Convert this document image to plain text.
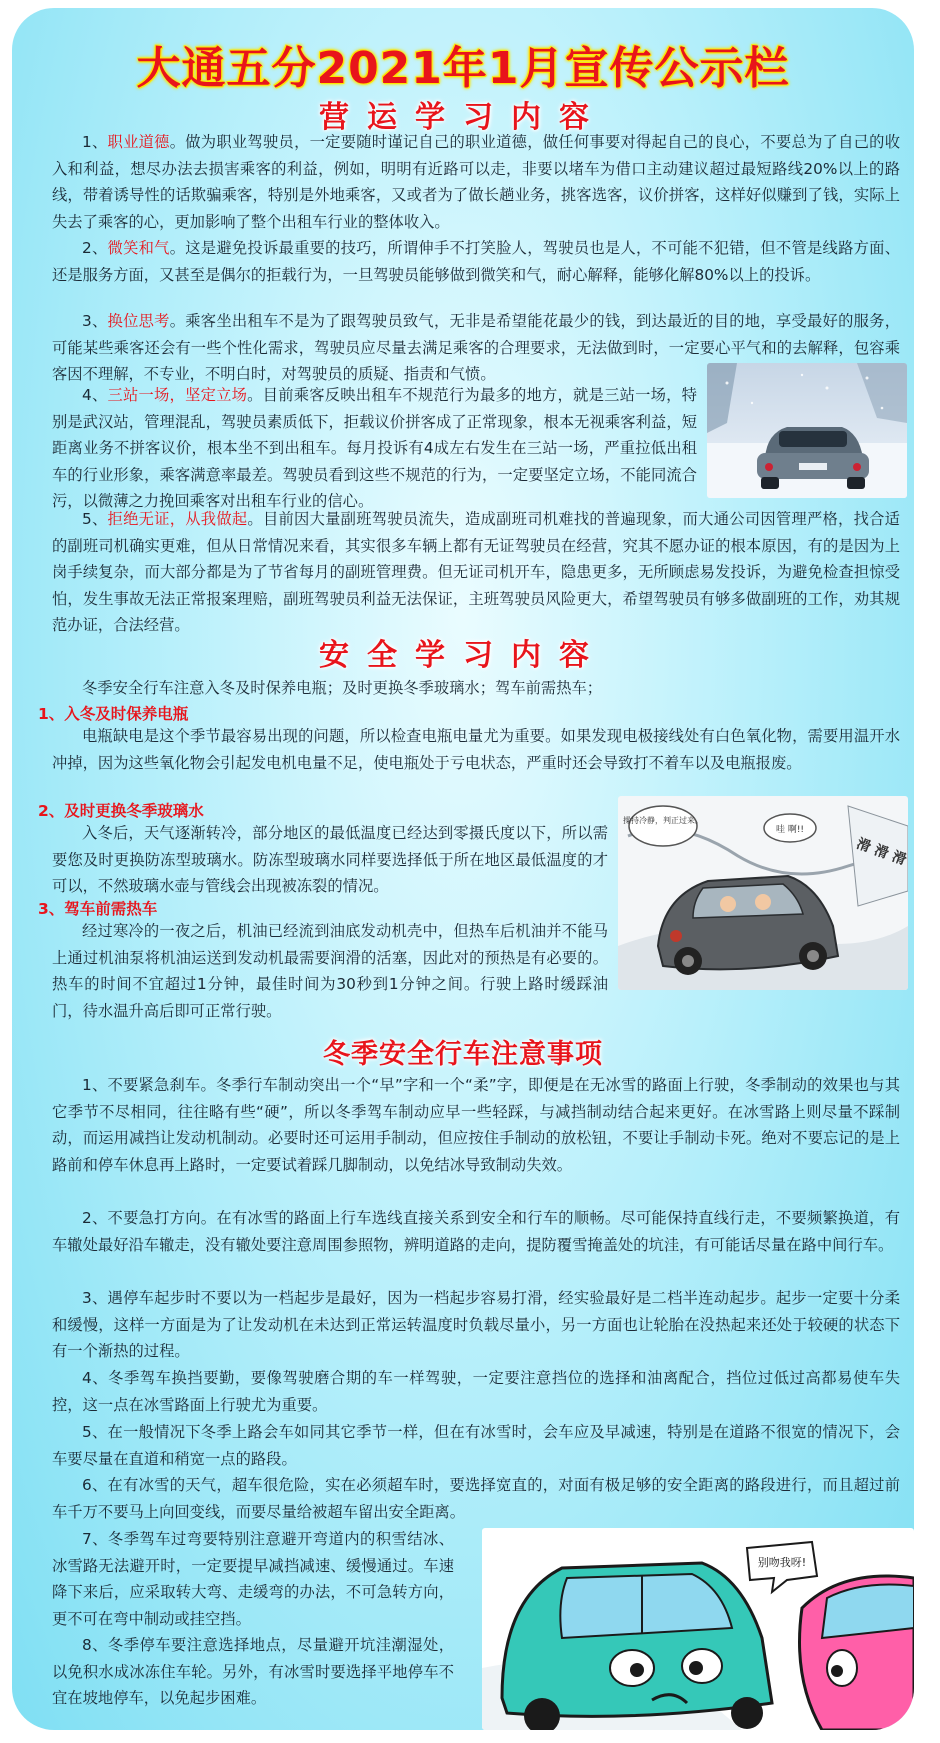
大通五分2021年1月宣传公示栏
营运学习内容

1、职业道德。做为职业驾驶员，一定要随时谨记自己的职业道德，做任何事要对得起自己的良心，不要总为了自己的收入和利益，想尽办法去损害乘客的利益，例如，明明有近路可以走，非要以堵车为借口主动建议超过最短路线20%以上的路线，带着诱导性的话欺骗乘客，特别是外地乘客，又或者为了做长趟业务，挑客选客，议价拼客，这样好似赚到了钱，实际上失去了乘客的心，更加影响了整个出租车行业的整体收入。

2、微笑和气。这是避免投诉最重要的技巧，所谓伸手不打笑脸人，驾驶员也是人，不可能不犯错，但不管是线路方面、还是服务方面，又甚至是偶尔的拒载行为，一旦驾驶员能够做到微笑和气，耐心解释，能够化解80%以上的投诉。

3、换位思考。乘客坐出租车不是为了跟驾驶员致气，无非是希望能花最少的钱，到达最近的目的地，享受最好的服务，可能某些乘客还会有一些个性化需求，驾驶员应尽量去满足乘客的合理要求，无法做到时，一定要心平气和的去解释，包容乘客因不理解，不专业，不明白时，对驾驶员的质疑、指责和气愤。

4、三站一场，坚定立场。目前乘客反映出租车不规范行为最多的地方，就是三站一场，特别是武汉站，管理混乱，驾驶员素质低下，拒载议价拼客成了正常现象，根本无视乘客利益，短距离业务不拼客议价，根本坐不到出租车。每月投诉有4成左右发生在三站一场，严重拉低出租车的行业形象，乘客满意率最差。驾驶员看到这些不规范的行为，一定要坚定立场，不能同流合污，以微薄之力挽回乘客对出租车行业的信心。

5、拒绝无证，从我做起。目前因大量副班驾驶员流失，造成副班司机难找的普遍现象，而大通公司因管理严格，找合适的副班司机确实更难，但从日常情况来看，其实很多车辆上都有无证驾驶员在经营，究其不愿办证的根本原因，有的是因为上岗手续复杂，而大部分都是为了节省每月的副班管理费。但无证司机开车，隐患更多，无所顾虑易发投诉，为避免检查担惊受怕，发生事故无法正常报案理赔，副班驾驶员利益无法保证，主班驾驶员风险更大，希望驾驶员有够多做副班的工作，劝其规范办证，合法经营。

安全学习内容

冬季安全行车注意入冬及时保养电瓶；及时更换冬季玻璃水；驾车前需热车；

1、入冬及时保养电瓶

电瓶缺电是这个季节最容易出现的问题，所以检查电瓶电量尤为重要。如果发现电极接线处有白色氧化物，需要用温开水冲掉，因为这些氧化物会引起发电机电量不足，使电瓶处于亏电状态，严重时还会导致打不着车以及电瓶报废。

2、及时更换冬季玻璃水

入冬后，天气逐渐转冷，部分地区的最低温度已经达到零摄氏度以下，所以需要您及时更换防冻型玻璃水。防冻型玻璃水同样要选择低于所在地区最低温度的才可以，不然玻璃水壶与管线会出现被冻裂的情况。

3、驾车前需热车

经过寒冷的一夜之后，机油已经流到油底发动机壳中，但热车后机油并不能马上通过机油泵将机油运送到发动机最需要润滑的活塞，因此对的预热是有必要的。热车的时间不宜超过1分钟，最佳时间为30秒到1分钟之间。行驶上路时缓踩油门，待水温升高后即可正常行驶。

操持冷静，判正过来。
哇 啊!!
滑 滑 滑
冬季安全行车注意事项

1、不要紧急刹车。冬季行车制动突出一个“早”字和一个“柔”字，即便是在无冰雪的路面上行驶，冬季制动的效果也与其它季节不尽相同，往往略有些“硬”，所以冬季驾车制动应早一些轻踩，与减挡制动结合起来更好。在冰雪路上则尽量不踩制动，而运用减挡让发动机制动。必要时还可运用手制动，但应按住手制动的放松钮，不要让手制动卡死。绝对不要忘记的是上路前和停车休息再上路时，一定要试着踩几脚制动，以免结冰导致制动失效。

2、不要急打方向。在有冰雪的路面上行车选线直接关系到安全和行车的顺畅。尽可能保持直线行走，不要频繁换道，有车辙处最好沿车辙走，没有辙处要注意周围参照物，辨明道路的走向，提防覆雪掩盖处的坑洼，有可能话尽量在路中间行车。

3、遇停车起步时不要以为一档起步是最好，因为一档起步容易打滑，经实验最好是二档半连动起步。起步一定要十分柔和缓慢，这样一方面是为了让发动机在未达到正常运转温度时负载尽量小，另一方面也让轮胎在没热起来还处于较硬的状态下有一个渐热的过程。

4、冬季驾车换挡要勤，要像驾驶磨合期的车一样驾驶，一定要注意挡位的选择和油离配合，挡位过低过高都易使车失控，这一点在冰雪路面上行驶尤为重要。

5、在一般情况下冬季上路会车如同其它季节一样，但在有冰雪时，会车应及早减速，特别是在道路不很宽的情况下，会车要尽量在直道和稍宽一点的路段。

6、在有冰雪的天气，超车很危险，实在必须超车时，要选择宽直的，对面有极足够的安全距离的路段进行，而且超过前车千万不要马上向回变线，而要尽量给被超车留出安全距离。

7、冬季驾车过弯要特别注意避开弯道内的积雪结冰、冰雪路无法避开时，一定要提早减挡减速、缓慢通过。车速降下来后，应采取转大弯、走缓弯的办法，不可急转方向，更不可在弯中制动或挂空挡。

8、冬季停车要注意选择地点，尽量避开坑洼潮湿处，以免积水成冰冻住车轮。另外，有冰雪时要选择平地停车不宜在坡地停车，以免起步困难。

别吻我呀!
